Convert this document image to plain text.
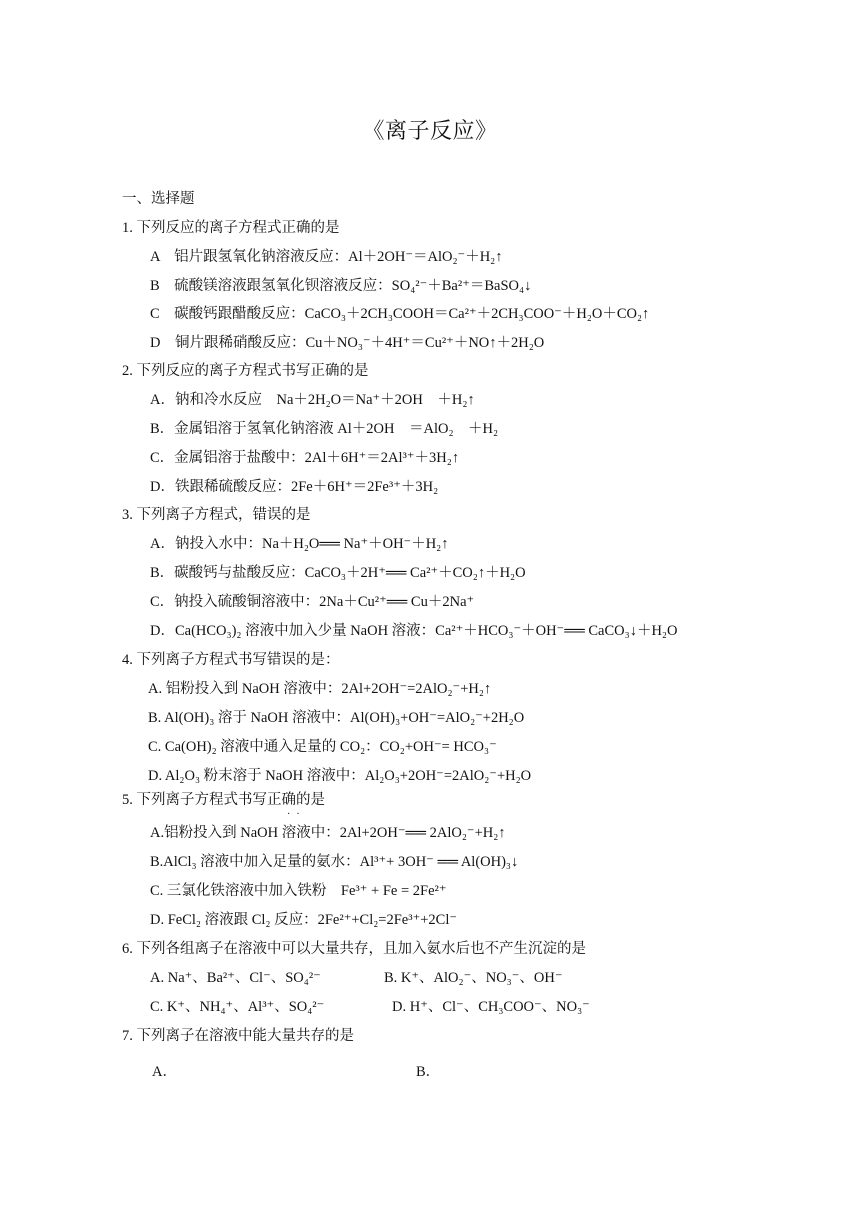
《离子反应》
一、选择题
1. 下列反应的离子方程式正确的是
A　铝片跟氢氧化钠溶液反应：Al＋2OH⁻＝AlO₂⁻＋H₂↑
B　硫酸镁溶液跟氢氧化钡溶液反应：SO₄²⁻＋Ba²⁺＝BaSO₄↓
C　碳酸钙跟醋酸反应：CaCO₃＋2CH₃COOH＝Ca²⁺＋2CH₃COO⁻＋H₂O＋CO₂↑
D　铜片跟稀硝酸反应：Cu＋NO₃⁻＋4H⁺＝Cu²⁺＋NO↑＋2H₂O
2. 下列反应的离子方程式书写正确的是
A．钠和冷水反应　Na＋2H₂O＝Na⁺＋2OH　＋H₂↑
B．金属铝溶于氢氧化钠溶液 Al＋2OH　＝AlO₂　＋H₂
C．金属铝溶于盐酸中：2Al＋6H⁺＝2Al³⁺＋3H₂↑
D．铁跟稀硫酸反应：2Fe＋6H⁺＝2Fe³⁺＋3H₂
3. 下列离子方程式，错误的是
A．钠投入水中：Na＋H₂O══ Na⁺＋OH⁻＋H₂↑
B．碳酸钙与盐酸反应：CaCO₃＋2H⁺══ Ca²⁺＋CO₂↑＋H₂O
C．钠投入硫酸铜溶液中：2Na＋Cu²⁺══ Cu＋2Na⁺
D．Ca(HCO₃)₂ 溶液中加入少量 NaOH 溶液：Ca²⁺＋HCO₃⁻＋OH⁻══ CaCO₃↓＋H₂O
4. 下列离子方程式书写错误的是：
A. 铝粉投入到 NaOH 溶液中：2Al+2OH⁻=2AlO₂⁻+H₂↑
B. Al(OH)₃ 溶于 NaOH 溶液中：Al(OH)₃+OH⁻=AlO₂⁻+2H₂O
C. Ca(OH)₂ 溶液中通入足量的 CO₂：CO₂+OH⁻= HCO₃⁻
D. Al₂O₃ 粉末溶于 NaOH 溶液中：Al₂O₃+2OH⁻=2AlO₂⁻+H₂O
5. 下列离子方程式书写正确的是
··
A.铝粉投入到 NaOH 溶液中：2Al+2OH⁻══ 2AlO₂⁻+H₂↑
B.AlCl₃ 溶液中加入足量的氨水：Al³⁺+ 3OH⁻ ══ Al(OH)₃↓
C. 三氯化铁溶液中加入铁粉　Fe³⁺ + Fe = 2Fe²⁺
D. FeCl₂ 溶液跟 Cl₂ 反应：2Fe²⁺+Cl₂=2Fe³⁺+2Cl⁻
6. 下列各组离子在溶液中可以大量共存，且加入氨水后也不产生沉淀的是
A. Na⁺、Ba²⁺、Cl⁻、SO₄²⁻	B. K⁺、AlO₂⁻、NO₃⁻、OH⁻
C. K⁺、NH₄⁺、Al³⁺、SO₄²⁻	D. H⁺、Cl⁻、CH₃COO⁻、NO₃⁻
7. 下列离子在溶液中能大量共存的是
A．	B．
